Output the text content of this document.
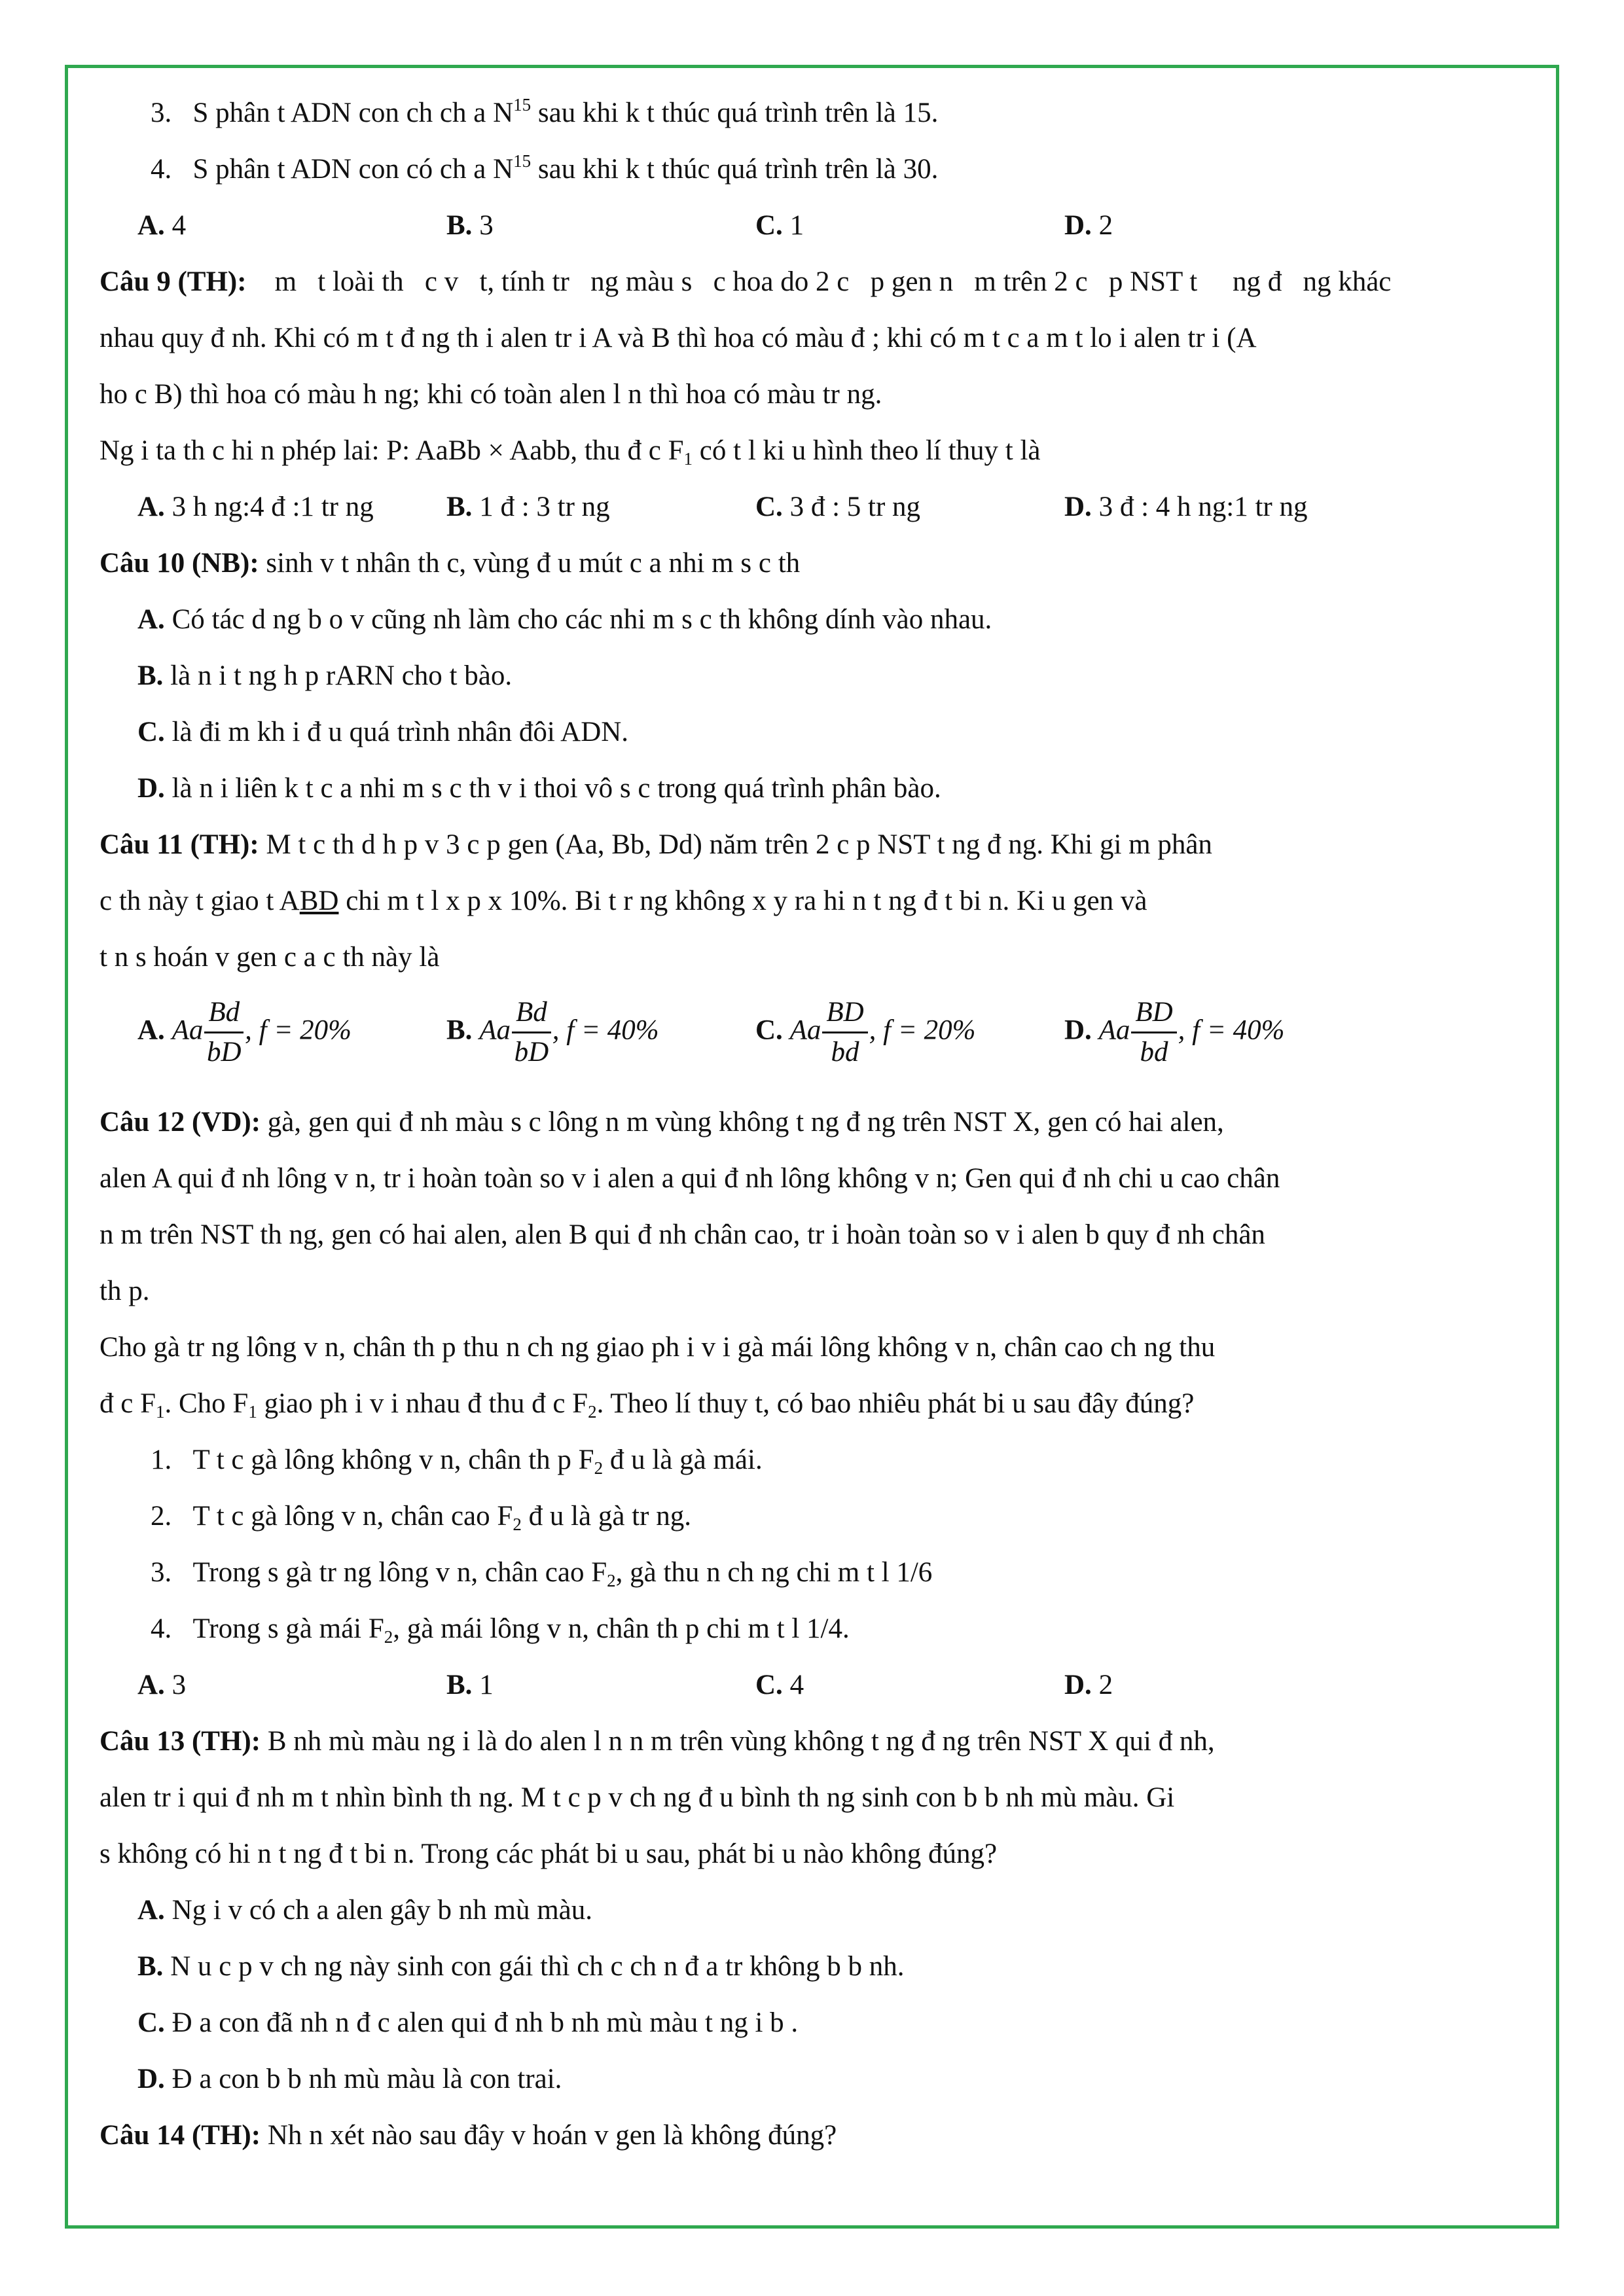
3. S phân t ADN con ch ch a $N^{15}$ sau khi k t thúc quá trình trên là 15.
4. S phân t ADN con có ch a $N^{15}$ sau khi k t thúc quá trình trên là 30.
A. 4	B. 3	C. 1	D. 2
Câu 9 (TH):    m   t loài th   c v   t, tính tr   ng màu s   c hoa do 2 c   p gen n   m trên 2 c   p NST t     ng đ   ng khác
nhau quy đ nh. Khi có m t đ ng th i alen tr i A và B thì hoa có màu đ ; khi có m t c a m t lo i alen tr i (A
ho c B) thì hoa có màu h ng; khi có toàn alen l n thì hoa có màu tr ng.
Ng i ta th c hi n phép lai: P: AaBb × Aabb, thu đ c $F_1$ có t l ki u hình theo lí thuy t là
A. 3 h ng:4 đ :1 tr ng	B. 1 đ : 3 tr ng	C. 3 đ : 5 tr ng	D. 3 đ : 4 h ng:1 tr ng
Câu 10 (NB): sinh v t nhân th c, vùng đ u mút c a nhi m s c th
A. Có tác d ng b o v cũng nh làm cho các nhi m s c th không dính vào nhau.
B. là n i t ng h p rARN cho t bào.
C. là đi m kh i đ u quá trình nhân đôi ADN.
D. là n i liên k t c a nhi m s c th v i thoi vô s c trong quá trình phân bào.
Câu 11 (TH): M t c th d h p v 3 c p gen (Aa, Bb, Dd) năm trên 2 c p NST t ng đ ng. Khi gi m phân
c th này t giao t ABD chi m t l x p x 10%. Bi t r ng không x y ra hi n t ng đ t bi n. Ki u gen và
t n s hoán v gen c a c th này là
A. Aa $\frac{Bd}{bD}$ , f = 20%	B. Aa $\frac{Bd}{bD}$ , f = 40%	C. Aa $\frac{BD}{bd}$ , f = 20%	D. Aa $\frac{BD}{bd}$ , f = 40%
Câu 12 (VD): gà, gen qui đ nh màu s c lông n m vùng không t ng đ ng trên NST X, gen có hai alen,
alen A qui đ nh lông v n, tr i hoàn toàn so v i alen a qui đ nh lông không v n; Gen qui đ nh chi u cao chân
n m trên NST th ng, gen có hai alen, alen B qui đ nh chân cao, tr i hoàn toàn so v i alen b quy đ nh chân
th p.
Cho gà tr ng lông v n, chân th p thu n ch ng giao ph i v i gà mái lông không v n, chân cao ch ng thu
đ c $F_1$. Cho $F_1$ giao ph i v i nhau đ thu đ c $F_2$. Theo lí thuy t, có bao nhiêu phát bi u sau đây đúng?
1. T t c gà lông không v n, chân th p $F_2$ đ u là gà mái.
2. T t c gà lông v n, chân cao $F_2$ đ u là gà tr ng.
3. Trong s gà tr ng lông v n, chân cao $F_2$, gà thu n ch ng chi m t l 1/6
4. Trong s gà mái $F_2$, gà mái lông v n, chân th p chi m t l 1/4.
A. 3	B. 1	C. 4	D. 2
Câu 13 (TH): B nh mù màu ng i là do alen l n n m trên vùng không t ng đ ng trên NST X qui đ nh,
alen tr i qui đ nh m t nhìn bình th ng. M t c p v ch ng đ u bình th ng sinh con b b nh mù màu. Gi
s không có hi n t ng đ t bi n. Trong các phát bi u sau, phát bi u nào không đúng?
A. Ng i v có ch a alen gây b nh mù màu.
B. N u c p v ch ng này sinh con gái thì ch c ch n đ a tr không b b nh.
C. Đ a con đã nh n đ c alen qui đ nh b nh mù màu t ng i b .
D. Đ a con b b nh mù màu là con trai.
Câu 14 (TH): Nh n xét nào sau đây v hoán v gen là không đúng?
